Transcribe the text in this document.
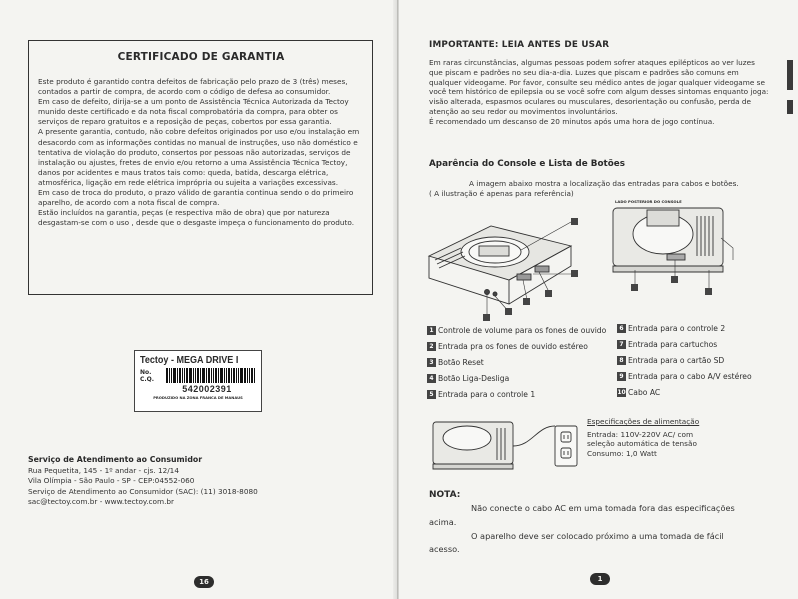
CERTIFICADO DE GARANTIA

Este produto é garantido contra defeitos de fabricação pelo prazo de 3 (três) meses, contados a partir de compra, de acordo com o código de defesa ao consumidor.

Em caso de defeito, dirija-se a um ponto de Assistência Técnica Autorizada da Tectoy munido deste certificado e da nota fiscal comprobatória da compra, para obter os serviços de reparo gratuitos e a reposição de peças, cobertos por essa garantia.

A presente garantia, contudo, não cobre defeitos originados por uso e/ou instalação em desacordo com as informações contidas no manual de instruções, uso não doméstico e tentativa de violação do produto, consertos por pessoas não autorizadas, serviços de instalação ou ajustes, fretes de envio e/ou retorno a uma Assistência Técnica Tectoy, danos por acidentes e maus tratos tais como: queda, batida, descarga elétrica, atmosférica, ligação em rede elétrica imprópria ou sujeita a variações excessivas.

Em caso de troca do produto, o prazo válido de garantia continua sendo o do primeiro aparelho, de acordo com a nota fiscal de compra.

Estão incluídos na garantia, peças (e respectiva mão de obra) que por natureza desgastam-se com o uso , desde que o desgaste impeça o funcionamento do produto.

Tectoy - MEGA DRIVE I
No. C.Q.
542002391
PRODUZIDO NA ZONA FRANCA DE MANAUS
Serviço de Atendimento ao Consumidor

Rua Pequetita, 145 - 1º andar - cjs. 12/14

Vila Olímpia - São Paulo - SP - CEP:04552-060

Serviço de Atendimento ao Consumidor (SAC): (11) 3018-8080

sac@tectoy.com.br - www.tectoy.com.br

16
IMPORTANTE: LEIA ANTES DE USAR

Em raras circunstâncias, algumas pessoas podem sofrer ataques epilépticos ao ver luzes que piscam e padrões no seu dia-a-dia. Luzes que piscam e padrões são comuns em qualquer videogame. Por favor, consulte seu médico antes de jogar qualquer videogame se você tem histórico de epilepsia ou se você sofre com algum desses sintomas enquanto joga: visão alterada, espasmos oculares ou musculares, desorientação ou confusão, perda de atenção ao seu redor ou movimentos involuntários.

É recomendado um descanso de 20 minutos após uma hora de jogo contínua.

Aparência do Console e Lista de Botões
A imagem abaixo mostra a localização das entradas para cabos e botões. ( A ilustração é apenas para referência)
LADO POSTERIOR DO CONSOLE
1 Controle de volume para os fones de ouvido
2 Entrada pra os fones de ouvido estéreo
3 Botão Reset
4 Botão Liga-Desliga
5 Entrada para o controle 1
6 Entrada para o controle 2
7 Entrada para cartuchos
8 Entrada para o cartão SD
9 Entrada para o cabo A/V estéreo
10 Cabo AC
Especificações de alimentação
Entrada: 110V-220V AC/ com
seleção automática de tensão
Consumo: 1,0 Watt
NOTA:
Não conecte o cabo AC em uma tomada fora das especificações acima.
O aparelho deve ser colocado próximo a uma tomada de fácil acesso.
1
